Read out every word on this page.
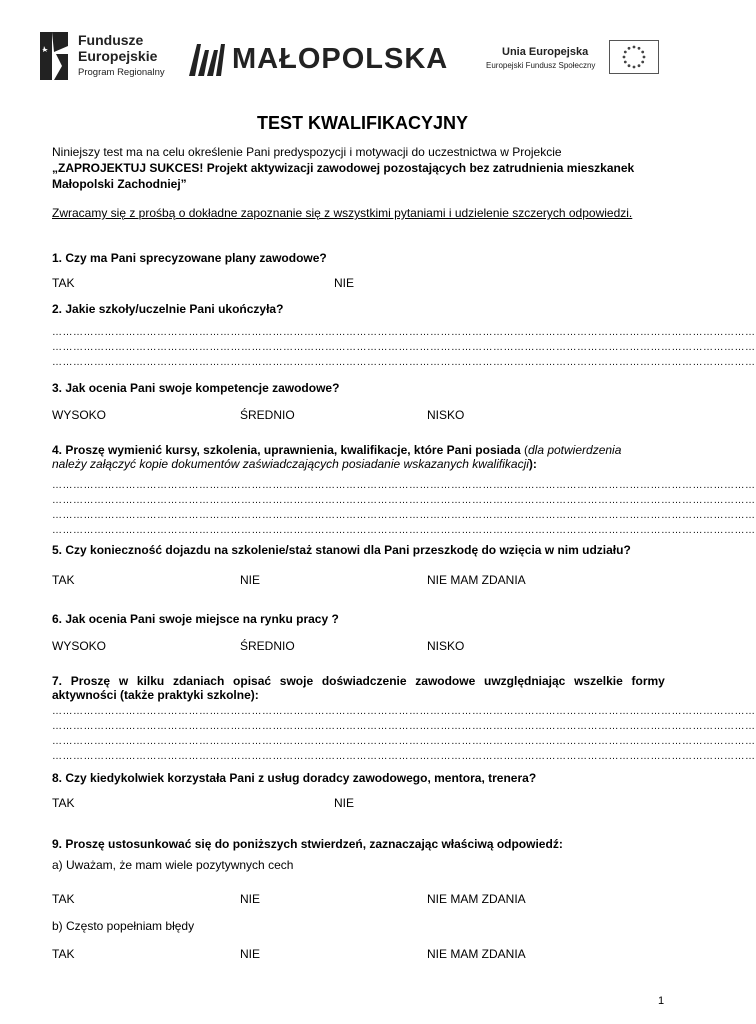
Fundusze
Europejskie
Program Regionalny MAŁOPOLSKA	Unia Europejska
Europejski Fundusz Społeczny
TEST KWALIFIKACYJNY
Niniejszy test ma na celu określenie Pani predyspozycji i motywacji do uczestnictwa w Projekcie
„ZAPROJEKTUJ SUKCES! Projekt aktywizacji zawodowej pozostających bez zatrudnienia mieszkanek
Małopolski Zachodniej”
Zwracamy się z prośbą o dokładne zapoznanie się z wszystkimi pytaniami i udzielenie szczerych odpowiedzi.
1. Czy ma Pani sprecyzowane plany zawodowe?
TAK	NIE
2. Jakie szkoły/uczelnie Pani ukończyła?
…………………………………………………………………………………………………………………………………………………………………………………
…………………………………………………………………………………………………………………………………………………………………………………
…………………………………………………………………………………………………………………………………………………………………………………
3. Jak ocenia Pani swoje kompetencje zawodowe?
WYSOKO	ŚREDNIO	NISKO
4. Proszę wymienić kursy, szkolenia, uprawnienia, kwalifikacje, które Pani posiada (dla potwierdzenia
należy załączyć kopie dokumentów zaświadczających posiadanie wskazanych kwalifikacji):
…………………………………………………………………………………………………………………………………………………………………………………
…………………………………………………………………………………………………………………………………………………………………………………
…………………………………………………………………………………………………………………………………………………………………………………
…………………………………………………………………………………………………………………………………………………………………………………
5. Czy konieczność dojazdu na szkolenie/staż stanowi dla Pani przeszkodę do wzięcia w nim udziału?
TAK	NIE	NIE MAM ZDANIA
6. Jak ocenia Pani swoje miejsce na rynku pracy ?
WYSOKO	ŚREDNIO	NISKO
7. Proszę w kilku zdaniach opisać swoje doświadczenie zawodowe uwzględniając wszelkie formy
aktywności (także praktyki szkolne):
…………………………………………………………………………………………………………………………………………………………………………………
…………………………………………………………………………………………………………………………………………………………………………………
…………………………………………………………………………………………………………………………………………………………………………………
…………………………………………………………………………………………………………………………………………………………………………………
8. Czy kiedykolwiek korzystała Pani z usług doradcy zawodowego, mentora, trenera?
TAK	NIE
9. Proszę ustosunkować się do poniższych stwierdzeń, zaznaczając właściwą odpowiedź:
a) Uważam, że mam wiele pozytywnych cech
TAK	NIE	NIE MAM ZDANIA
b) Często popełniam błędy
TAK	NIE	NIE MAM ZDANIA
1
